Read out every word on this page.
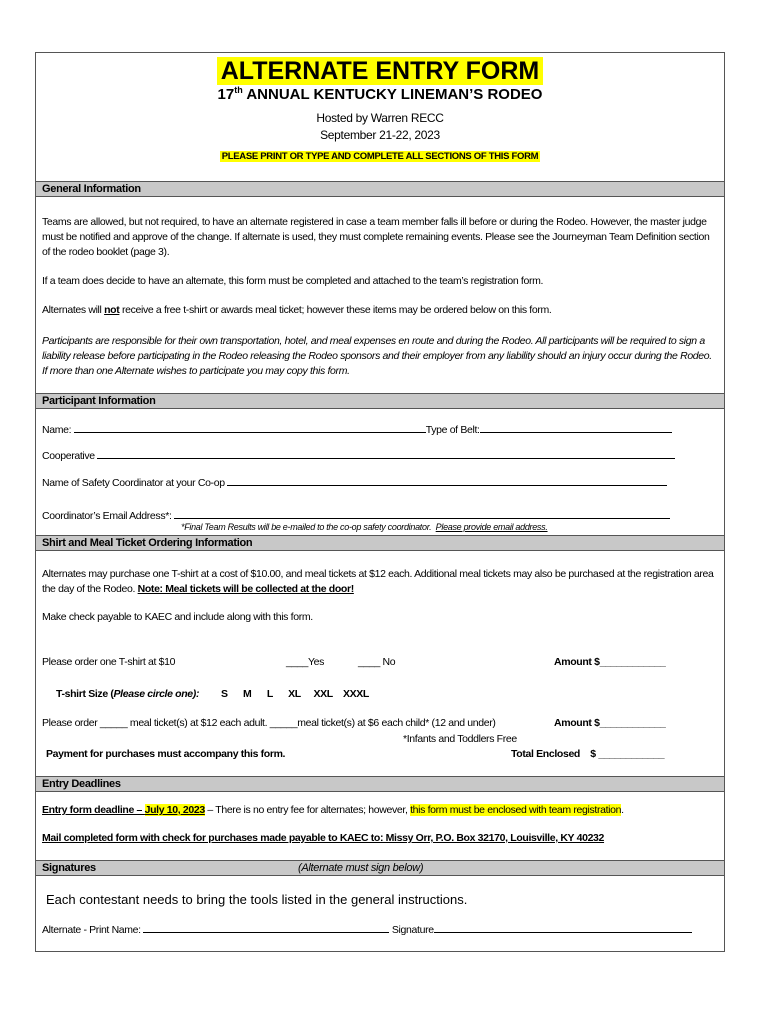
ALTERNATE ENTRY FORM
17th ANNUAL KENTUCKY LINEMAN’S RODEO
Hosted by Warren RECC
September 21-22, 2023
PLEASE PRINT OR TYPE AND COMPLETE ALL SECTIONS OF THIS FORM
General Information
Teams are allowed, but not required, to have an alternate registered in case a team member falls ill before or during the Rodeo. However, the master judge must be notified and approve of the change. If alternate is used, they must complete remaining events. Please see the Journeyman Team Definition section of the rodeo booklet (page 3).
If a team does decide to have an alternate, this form must be completed and attached to the team’s registration form.
Alternates will not receive a free t-shirt or awards meal ticket; however these items may be ordered below on this form.
Participants are responsible for their own transportation, hotel, and meal expenses en route and during the Rodeo. All participants will be required to sign a liability release before participating in the Rodeo releasing the Rodeo sponsors and their employer from any liability should an injury occur during the Rodeo. If more than one Alternate wishes to participate you may copy this form.
Participant Information
Name:	Type of Belt:
Cooperative
Name of Safety Coordinator at your Co-op
Coordinator’s Email Address*:
*Final Team Results will be e-mailed to the co-op safety coordinator. Please provide email address.
Shirt and Meal Ticket Ordering Information
Alternates may purchase one T-shirt at a cost of $10.00, and meal tickets at $12 each. Additional meal tickets may also be purchased at the registration area the day of the Rodeo. Note: Meal tickets will be collected at the door!
Make check payable to KAEC and include along with this form.
Please order one T-shirt at $10	____Yes	____ No	Amount $____________
T-shirt Size (Please circle one): S      M      L      XL     XXL    XXXL
Please order _____ meal ticket(s) at $12 each adult. _____meal ticket(s) at $6 each child* (12 and under)	Amount $____________
*Infants and Toddlers Free
Payment for purchases must accompany this form.	Total Enclosed    $ ____________
Entry Deadlines
Entry form deadline – July 10, 2023 – There is no entry fee for alternates; however, this form must be enclosed with team registration.
Mail completed form with check for purchases made payable to KAEC to: Missy Orr, P.O. Box 32170, Louisville, KY 40232
Signatures	(Alternate must sign below)
Each contestant needs to bring the tools listed in the general instructions.
Alternate - Print Name:	Signature
